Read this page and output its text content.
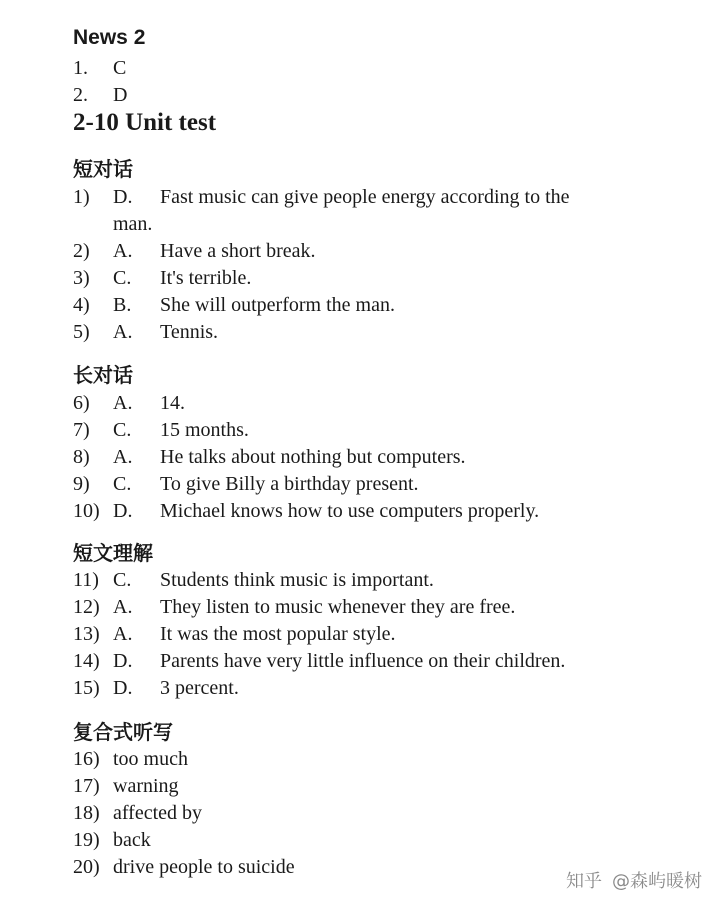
News 2
1. C
2. D
2-10 Unit test
短对话
1) D. Fast music can give people energy according to the
man.
2) A. Have a short break.
3) C. It's terrible.
4) B. She will outperform the man.
5) A. Tennis.
长对话
6) A. 14.
7) C. 15 months.
8) A. He talks about nothing but computers.
9) C. To give Billy a birthday present.
10) D. Michael knows how to use computers properly.
短文理解
11) C. Students think music is important.
12) A. They listen to music whenever they are free.
13) A. It was the most popular style.
14) D. Parents have very little influence on their children.
15) D. 3 percent.
复合式听写
16) too much
17) warning
18) affected by
19) back
20) drive people to suicide
知乎 @森屿暖树
